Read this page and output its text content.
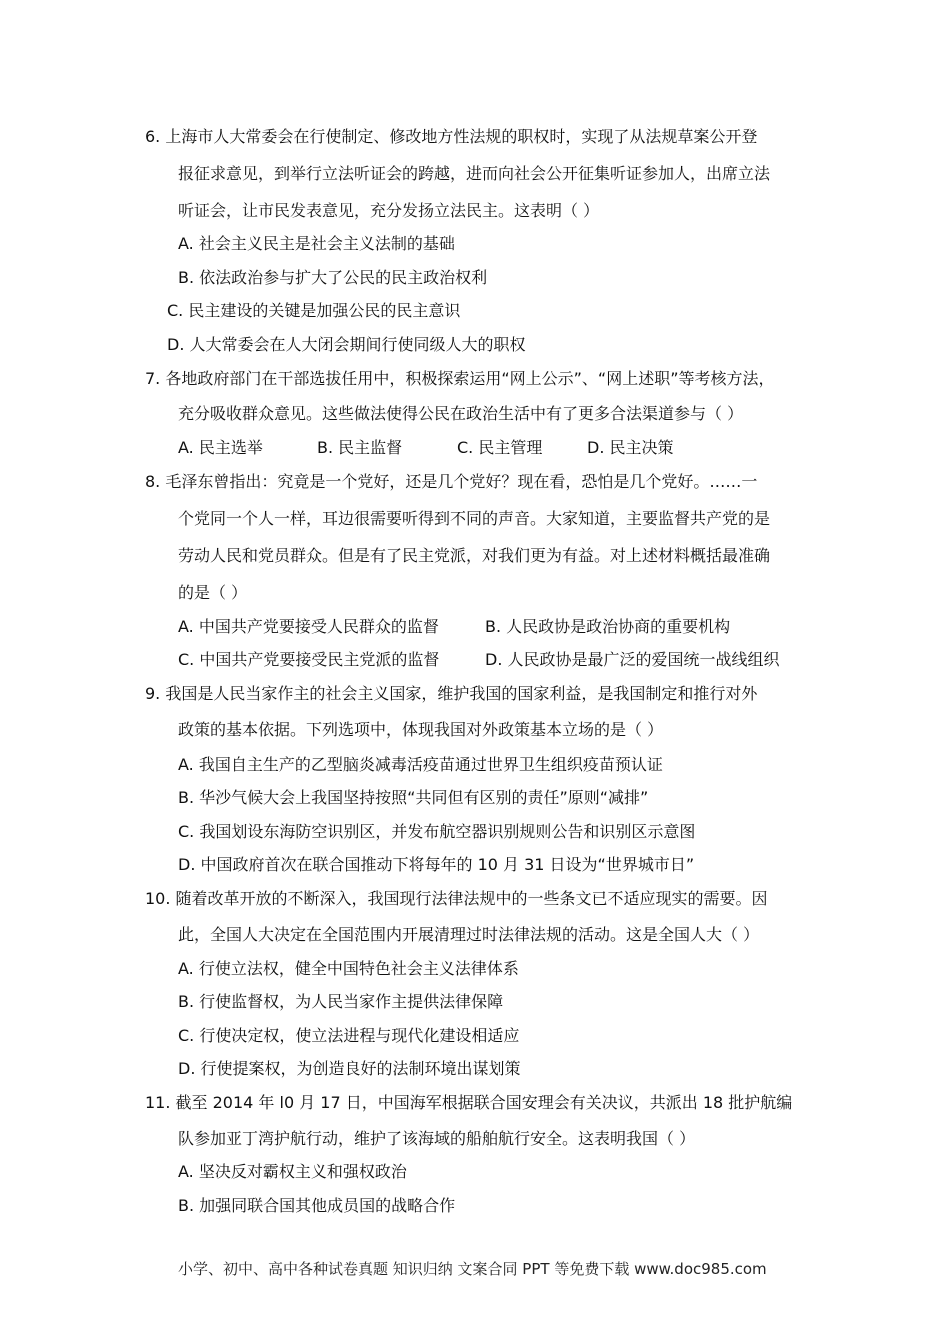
6. 上海市人大常委会在行使制定、修改地方性法规的职权时，实现了从法规草案公开登
报征求意见，到举行立法听证会的跨越，进而向社会公开征集听证参加人，出席立法
听证会，让市民发表意见，充分发扬立法民主。这表明（ ）
A. 社会主义民主是社会主义法制的基础
B. 依法政治参与扩大了公民的民主政治权利
C. 民主建设的关键是加强公民的民主意识
D. 人大常委会在人大闭会期间行使同级人大的职权
7. 各地政府部门在干部选拔任用中，积极探索运用“网上公示”、“网上述职”等考核方法，
充分吸收群众意见。这些做法使得公民在政治生活中有了更多合法渠道参与（ ）
A. 民主选举	B. 民主监督	C. 民主管理	D. 民主决策
8. 毛泽东曾指出：究竟是一个党好，还是几个党好？现在看，恐怕是几个党好。……一
个党同一个人一样，耳边很需要听得到不同的声音。大家知道，主要监督共产党的是
劳动人民和党员群众。但是有了民主党派，对我们更为有益。对上述材料概括最准确
的是（ ）
A. 中国共产党要接受人民群众的监督	B. 人民政协是政治协商的重要机构
C. 中国共产党要接受民主党派的监督	D. 人民政协是最广泛的爱国统一战线组织
9. 我国是人民当家作主的社会主义国家，维护我国的国家利益，是我国制定和推行对外
政策的基本依据。下列选项中，体现我国对外政策基本立场的是（ ）
A. 我国自主生产的乙型脑炎减毒活疫苗通过世界卫生组织疫苗预认证
B. 华沙气候大会上我国坚持按照“共同但有区别的责任”原则“减排”
C. 我国划设东海防空识别区，并发布航空器识别规则公告和识别区示意图
D. 中国政府首次在联合国推动下将每年的 10 月 31 日设为“世界城市日”
10. 随着改革开放的不断深入，我国现行法律法规中的一些条文已不适应现实的需要。因
此，全国人大决定在全国范围内开展清理过时法律法规的活动。这是全国人大（ ）
A. 行使立法权，健全中国特色社会主义法律体系
B. 行使监督权，为人民当家作主提供法律保障
C. 行使决定权，使立法进程与现代化建设相适应
D. 行使提案权，为创造良好的法制环境出谋划策
11. 截至 2014 年 l0 月 17 日，中国海军根据联合国安理会有关决议，共派出 18 批护航编
队参加亚丁湾护航行动，维护了该海域的船舶航行安全。这表明我国（ ）
A. 坚决反对霸权主义和强权政治
B. 加强同联合国其他成员国的战略合作
小学、初中、高中各种试卷真题 知识归纳 文案合同 PPT 等免费下载 www.doc985.com
